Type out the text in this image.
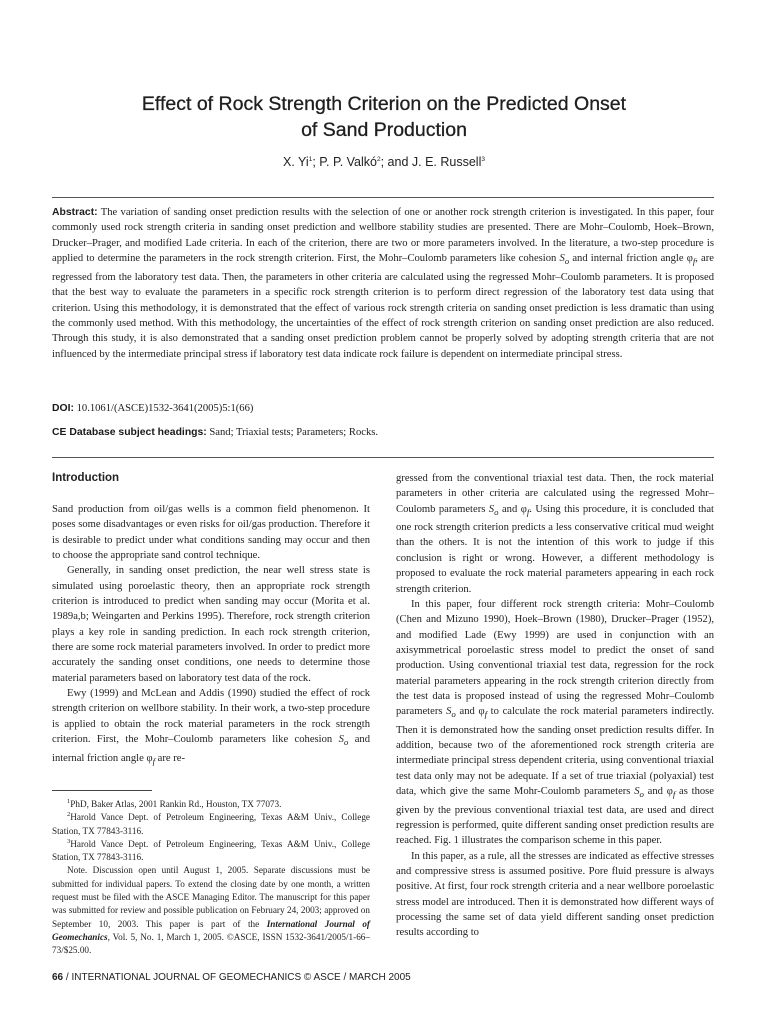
Effect of Rock Strength Criterion on the Predicted Onset
of Sand Production
X. Yi$^1$; P. P. Valkó$^2$; and J. E. Russell$^3$
Abstract: The variation of sanding onset prediction results with the selection of one or another rock strength criterion is investigated. In this paper, four commonly used rock strength criteria in sanding onset prediction and wellbore stability studies are presented. There are Mohr–Coulomb, Hoek–Brown, Drucker–Prager, and modified Lade criteria. In each of the criterion, there are two or more parameters involved. In the literature, a two-step procedure is applied to determine the parameters in the rock strength criterion. First, the Mohr–Coulomb parameters like cohesion $S_o$ and internal friction angle $\varphi_f$, are regressed from the laboratory test data. Then, the parameters in other criteria are calculated using the regressed Mohr–Coulomb parameters. It is proposed that the best way to evaluate the parameters in a specific rock strength criterion is to perform direct regression of the laboratory test data using that criterion. Using this methodology, it is demonstrated that the effect of various rock strength criteria on sanding onset prediction is less dramatic than using the commonly used method. With this methodology, the uncertainties of the effect of rock strength criterion on sanding onset prediction are also reduced. Through this study, it is also demonstrated that a sanding onset prediction problem cannot be properly solved by adopting strength criteria that are not influenced by the intermediate principal stress if laboratory test data indicate rock failure is dependent on intermediate principal stress.
DOI: 10.1061/(ASCE)1532-3641(2005)5:1(66)
CE Database subject headings: Sand; Triaxial tests; Parameters; Rocks.
Introduction

Sand production from oil/gas wells is a common field phenomenon. It poses some disadvantages or even risks for oil/gas production. Therefore it is desirable to predict under what conditions sanding may occur and then to choose the appropriate sand control technique.

Generally, in sanding onset prediction, the near well stress state is simulated using poroelastic theory, then an appropriate rock strength criterion is introduced to predict when sanding may occur (Morita et al. 1989a,b; Weingarten and Perkins 1995). Therefore, rock strength criterion plays a key role in sanding prediction. In each rock strength criterion, there are some rock material parameters involved. In order to predict more accurately the sanding onset conditions, one needs to determine those material parameters based on laboratory test data of the rock.

Ewy (1999) and McLean and Addis (1990) studied the effect of rock strength criterion on wellbore stability. In their work, a two-step procedure is applied to obtain the rock material parameters in the rock strength criterion. First, the Mohr–Coulomb parameters like cohesion $S_o$ and internal friction angle $\varphi_f$ are re-

$^1$PhD, Baker Atlas, 2001 Rankin Rd., Houston, TX 77073.

$^2$Harold Vance Dept. of Petroleum Engineering, Texas A&M Univ., College Station, TX 77843-3116.

$^3$Harold Vance Dept. of Petroleum Engineering, Texas A&M Univ., College Station, TX 77843-3116.

Note. Discussion open until August 1, 2005. Separate discussions must be submitted for individual papers. To extend the closing date by one month, a written request must be filed with the ASCE Managing Editor. The manuscript for this paper was submitted for review and possible publication on February 24, 2003; approved on September 10, 2003. This paper is part of the International Journal of Geomechanics, Vol. 5, No. 1, March 1, 2005. ©ASCE, ISSN 1532-3641/2005/1-66–73/$25.00.

gressed from the conventional triaxial test data. Then, the rock material parameters in other criteria are calculated using the regressed Mohr–Coulomb parameters $S_o$ and $\varphi_f$. Using this procedure, it is concluded that one rock strength criterion predicts a less conservative critical mud weight than the others. It is not the intention of this work to judge if this conclusion is right or wrong. However, a different methodology is proposed to evaluate the rock material parameters appearing in each rock strength criterion.

In this paper, four different rock strength criteria: Mohr–Coulomb (Chen and Mizuno 1990), Hoek–Brown (1980), Drucker–Prager (1952), and modified Lade (Ewy 1999) are used in conjunction with an axisymmetrical poroelastic stress model to predict the onset of sand production. Using conventional triaxial test data, regression for the rock material parameters appearing in the rock strength criterion directly from the test data is proposed instead of using the regressed Mohr–Coulomb parameters $S_o$ and $\varphi_f$ to calculate the rock material parameters indirectly. Then it is demonstrated how the sanding onset prediction results differ. In addition, because two of the aforementioned rock strength criteria are intermediate principal stress dependent criteria, using conventional triaxial test data only may not be adequate. If a set of true triaxial (polyaxial) test data, which give the same Mohr-Coulomb parameters $S_o$ and $\varphi_f$ as those given by the previous conventional triaxial test data, are used and direct regression is performed, quite different sanding onset prediction results are reached. Fig. 1 illustrates the comparison scheme in this paper.

In this paper, as a rule, all the stresses are indicated as effective stresses and compressive stress is assumed positive. Pore fluid pressure is always positive. At first, four rock strength criteria and a near wellbore poroelastic stress model are introduced. Then it is demonstrated how different ways of processing the same set of data yield different sanding onset prediction results according to

66 / INTERNATIONAL JOURNAL OF GEOMECHANICS © ASCE / MARCH 2005
